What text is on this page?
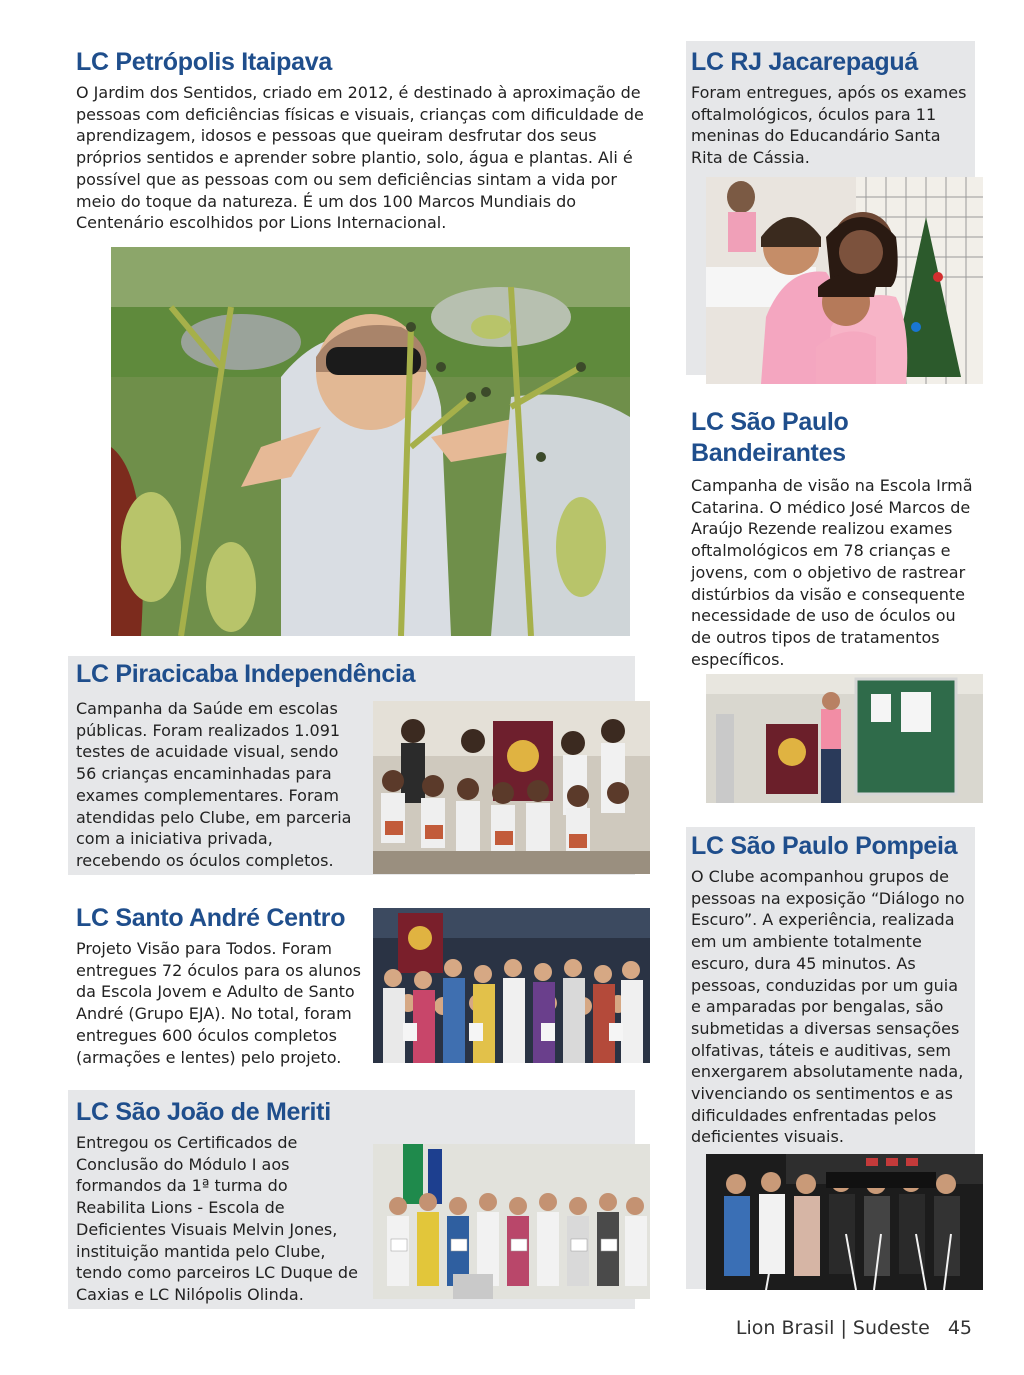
LC Petrópolis Itaipava

O Jardim dos Sentidos, criado em 2012, é destinado à aproximação de pessoas com deficiências físicas e visuais, crianças com dificuldade de aprendizagem, idosos e pessoas que queiram desfrutar dos seus próprios sentidos e aprender sobre plantio, solo, água e plantas. Ali é possível que as pessoas com ou sem deficiências sintam a vida por meio do toque da natureza. É um dos 100 Marcos Mundiais do Centenário escolhidos por Lions Internacional.

LC RJ Jacarepaguá

Foram entregues, após os exames oftalmológicos, óculos para 11 meninas do Educandário Santa Rita de Cássia.

LC São Paulo
Bandeirantes

Campanha de visão na Escola Irmã Catarina. O médico José Marcos de Araújo Rezende realizou exames oftalmológicos em 78 crianças e jovens, com o objetivo de rastrear distúrbios da visão e consequente necessidade de uso de óculos ou de outros tipos de tratamentos específicos.

LC Piracicaba Independência

Campanha da Saúde em escolas públicas. Foram realizados 1.091 testes de acuidade visual, sendo 56 crianças encaminhadas para exames complementares. Foram atendidas pelo Clube, em parceria com a iniciativa privada, recebendo os óculos completos.

LC Santo André Centro

Projeto Visão para Todos. Foram entregues 72 óculos para os alunos da Escola Jovem e Adulto de Santo André (Grupo EJA). No total, foram entregues 600 óculos completos (armações e lentes) pelo projeto.

LC São João de Meriti

Entregou os Certificados de Conclusão do Módulo I aos formandos da 1ª turma do Reabilita Lions - Escola de Deficientes Visuais Melvin Jones, instituição mantida pelo Clube, tendo como parceiros LC Duque de Caxias e LC Nilópolis Olinda.

LC São Paulo Pompeia

O Clube acompanhou grupos de pessoas na exposição “Diálogo no Escuro”. A experiência, realizada em um ambiente totalmente escuro, dura 45 minutos. As pessoas, conduzidas por um guia e amparadas por bengalas, são submetidas a diversas sensações olfativas, táteis e auditivas, sem enxergarem absolutamente nada, vivenciando os sentimentos e as dificuldades enfrentadas pelos deficientes visuais.

Lion Brasil | Sudeste 45
